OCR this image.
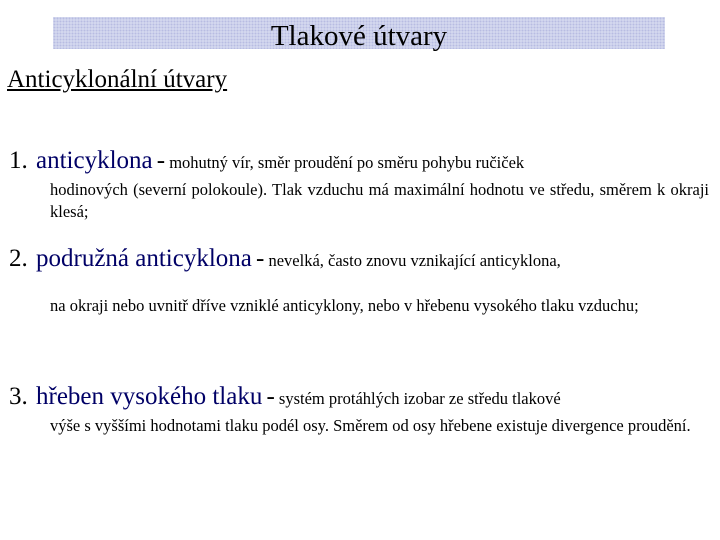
Tlakové útvary
Anticyklonální útvary
1. anticyklona - mohutný vír, směr proudění po směru pohybu ručiček
hodinových (severní polokoule). Tlak vzduchu má maximální hodnotu ve středu, směrem k okraji klesá;
2. podružná anticyklona - nevelká, často znovu vznikající anticyklona,
na okraji nebo uvnitř dříve vzniklé anticyklony, nebo v hřebenu vysokého tlaku vzduchu;
3. hřeben vysokého tlaku - systém protáhlých izobar ze středu tlakové
výše s vyššími hodnotami tlaku podél osy. Směrem od osy hřebene existuje divergence proudění.
